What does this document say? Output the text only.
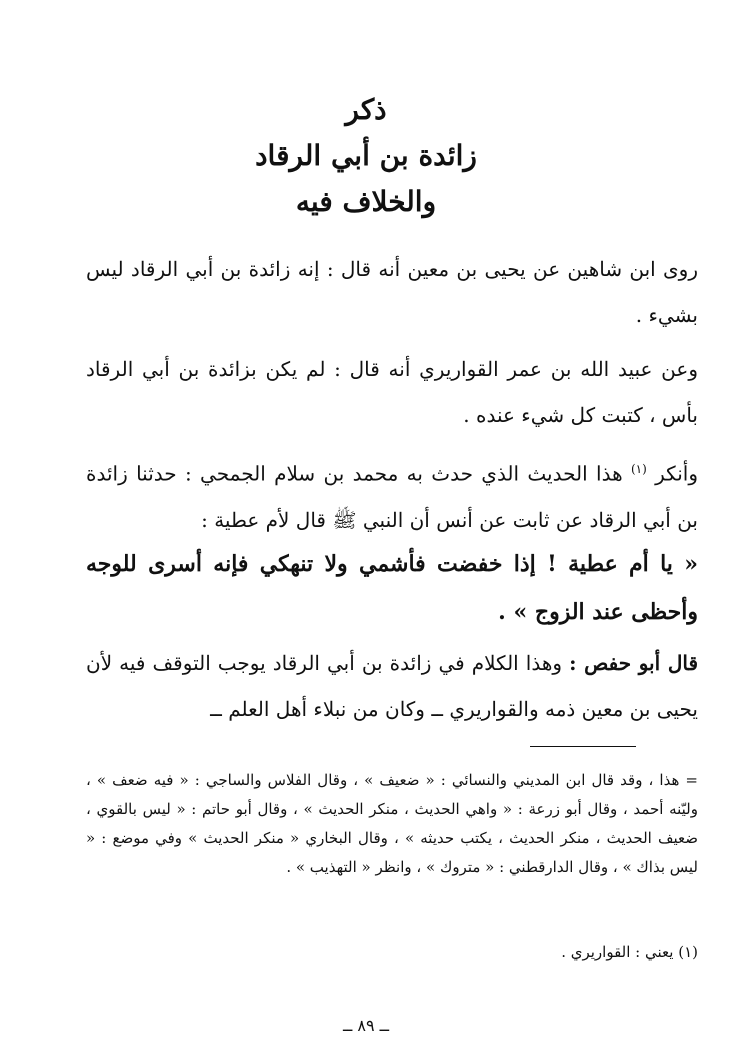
ذكر
زائدة بن أبي الرقاد
والخلاف فيه
روى ابن شاهين عن يحيى بن معين أنه قال : إنه زائدة بن أبي الرقاد ليس بشيء .
وعن عبيد الله بن عمر القواريري أنه قال : لم يكن بزائدة بن أبي الرقاد بأس ، كتبت كل شيء عنده .
وأنكر $^{(١)}$ هذا الحديث الذي حدث به محمد بن سلام الجمحي : حدثنا زائدة بن أبي الرقاد عن ثابت عن أنس أن النبي ﷺ قال لأم عطية :
« يا أم عطية ! إذا خفضت فأشمي ولا تنهكي فإنه أسرى للوجه وأحظى عند الزوج » .
قال أبو حفص : وهذا الكلام في زائدة بن أبي الرقاد يوجب التوقف فيه لأن يحيى بن معين ذمه والقواريري ــ وكان من نبلاء أهل العلم ــ
= هذا ، وقد قال ابن المديني والنسائي : « ضعيف » ، وقال الفلاس والساجي : « فيه ضعف » ، وليّنه أحمد ، وقال أبو زرعة : « واهي الحديث ، منكر الحديث » ، وقال أبو حاتم : « ليس بالقوي ، ضعيف الحديث ، منكر الحديث ، يكتب حديثه » ، وقال البخاري « منكر الحديث » وفي موضع : « ليس بذاك » ، وقال الدارقطني : « متروك » ، وانظر « التهذيب » .
(١) يعني : القواريري .
ــ ٨٩ ــ
